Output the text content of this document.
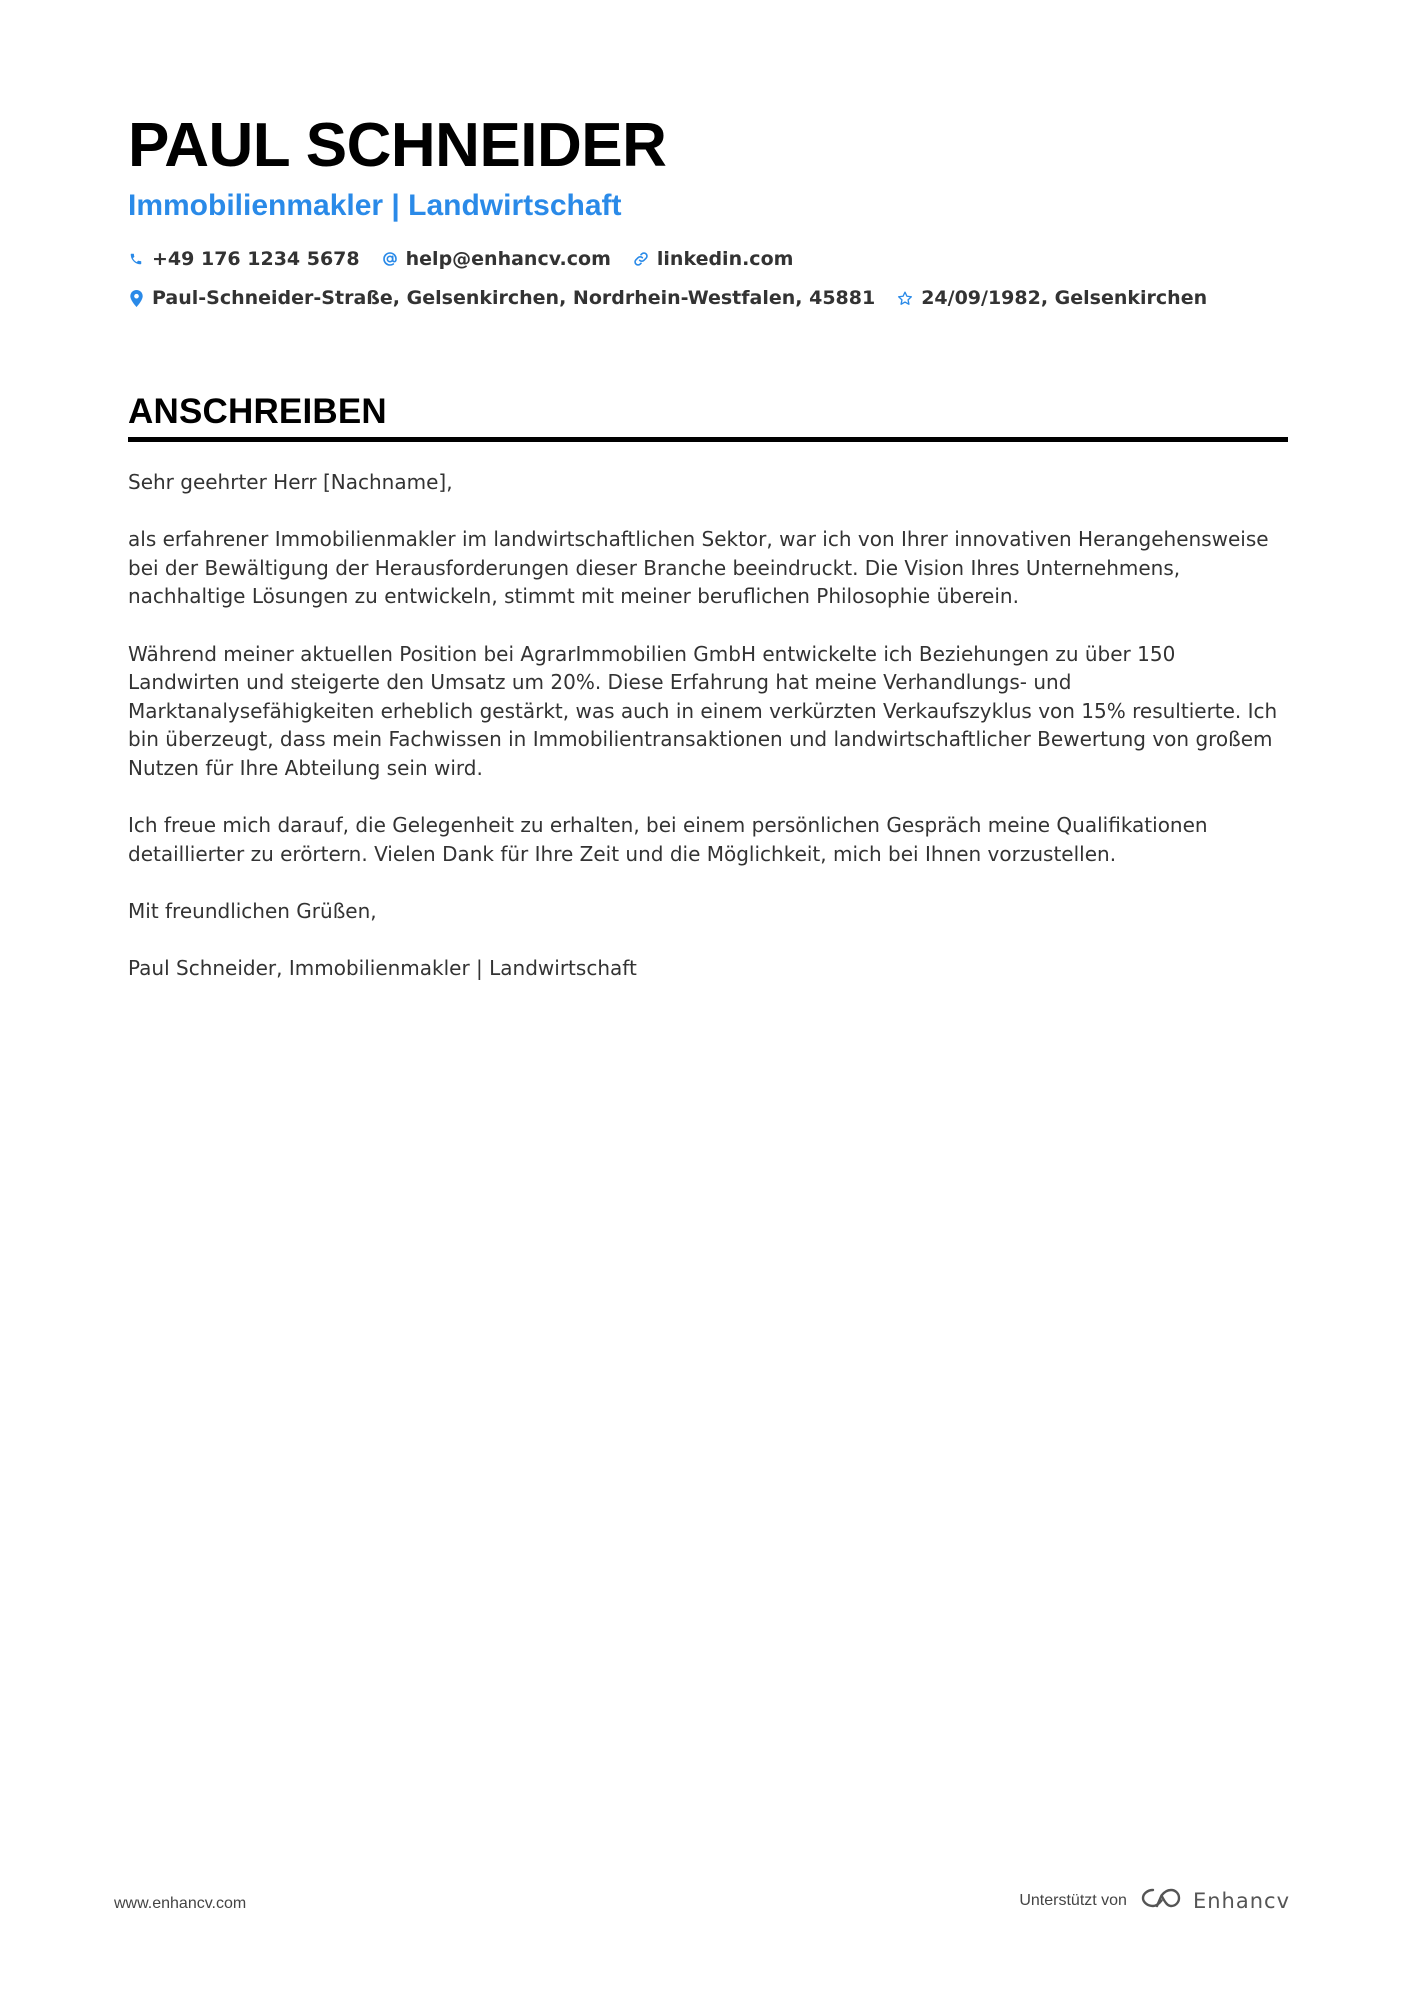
PAUL SCHNEIDER
Immobilienmakler | Landwirtschaft
+49 176 1234 5678 help@enhancv.com linkedin.com
Paul-Schneider-Straße, Gelsenkirchen, Nordrhein-Westfalen, 45881 24/09/1982, Gelsenkirchen
ANSCHREIBEN

Sehr geehrter Herr [Nachname],

als erfahrener Immobilienmakler im landwirtschaftlichen Sektor, war ich von Ihrer innovativen Herangehensweise bei der Bewältigung der Herausforderungen dieser Branche beeindruckt. Die Vision Ihres Unternehmens, nachhaltige Lösungen zu entwickeln, stimmt mit meiner beruflichen Philosophie überein.

Während meiner aktuellen Position bei AgrarImmobilien GmbH entwickelte ich Beziehungen zu über 150 Landwirten und steigerte den Umsatz um 20%. Diese Erfahrung hat meine Verhandlungs- und Marktanalysefähigkeiten erheblich gestärkt, was auch in einem verkürzten Verkaufszyklus von 15% resultierte. Ich bin überzeugt, dass mein Fachwissen in Immobilientransaktionen und landwirtschaftlicher Bewertung von großem Nutzen für Ihre Abteilung sein wird.

Ich freue mich darauf, die Gelegenheit zu erhalten, bei einem persönlichen Gespräch meine Qualifikationen detaillierter zu erörtern. Vielen Dank für Ihre Zeit und die Möglichkeit, mich bei Ihnen vorzustellen.

Mit freundlichen Grüßen,

Paul Schneider, Immobilienmakler | Landwirtschaft

www.enhancv.com	Unterstützt von	Enhancv
